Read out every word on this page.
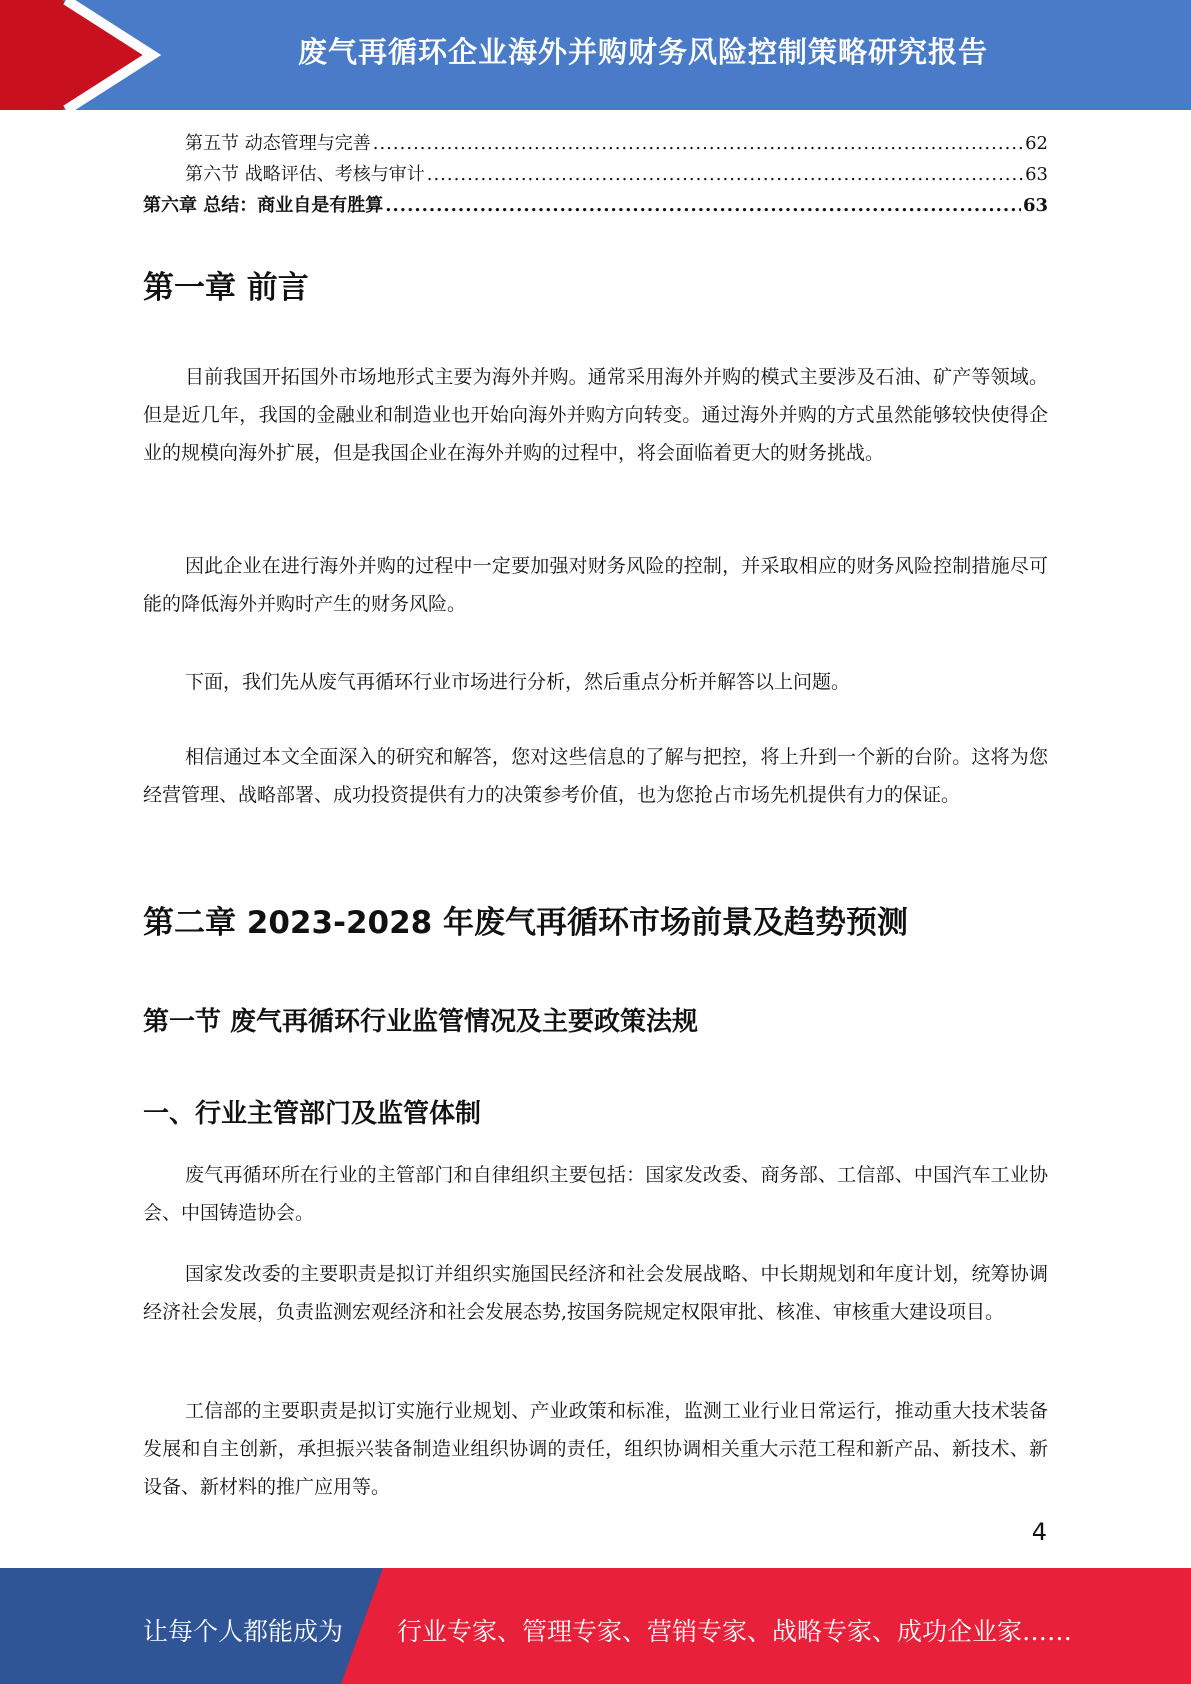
废气再循环企业海外并购财务风险控制策略研究报告
第五节 动态管理与完善 .....	62
第六节 战略评估、考核与审计 .....	63
第六章 总结：商业自是有胜算 .....	63
第一章 前言

目前我国开拓国外市场地形式主要为海外并购。通常采用海外并购的模式主要涉及石油、矿产等领域。但是近几年，我国的金融业和制造业也开始向海外并购方向转变。通过海外并购的方式虽然能够较快使得企业的规模向海外扩展，但是我国企业在海外并购的过程中，将会面临着更大的财务挑战。

因此企业在进行海外并购的过程中一定要加强对财务风险的控制，并采取相应的财务风险控制措施尽可能的降低海外并购时产生的财务风险。

下面，我们先从废气再循环行业市场进行分析，然后重点分析并解答以上问题。

相信通过本文全面深入的研究和解答，您对这些信息的了解与把控，将上升到一个新的台阶。这将为您经营管理、战略部署、成功投资提供有力的决策参考价值，也为您抢占市场先机提供有力的保证。

第二章 2023-2028 年废气再循环市场前景及趋势预测
第一节 废气再循环行业监管情况及主要政策法规
一、行业主管部门及监管体制

废气再循环所在行业的主管部门和自律组织主要包括：国家发改委、商务部、工信部、中国汽车工业协会、中国铸造协会。

国家发改委的主要职责是拟订并组织实施国民经济和社会发展战略、中长期规划和年度计划，统筹协调经济社会发展，负责监测宏观经济和社会发展态势,按国务院规定权限审批、核准、审核重大建设项目。

工信部的主要职责是拟订实施行业规划、产业政策和标准，监测工业行业日常运行，推动重大技术装备发展和自主创新，承担振兴装备制造业组织协调的责任，组织协调相关重大示范工程和新产品、新技术、新设备、新材料的推广应用等。

4
让每个人都能成为 行业专家、管理专家、营销专家、战略专家、成功企业家……
